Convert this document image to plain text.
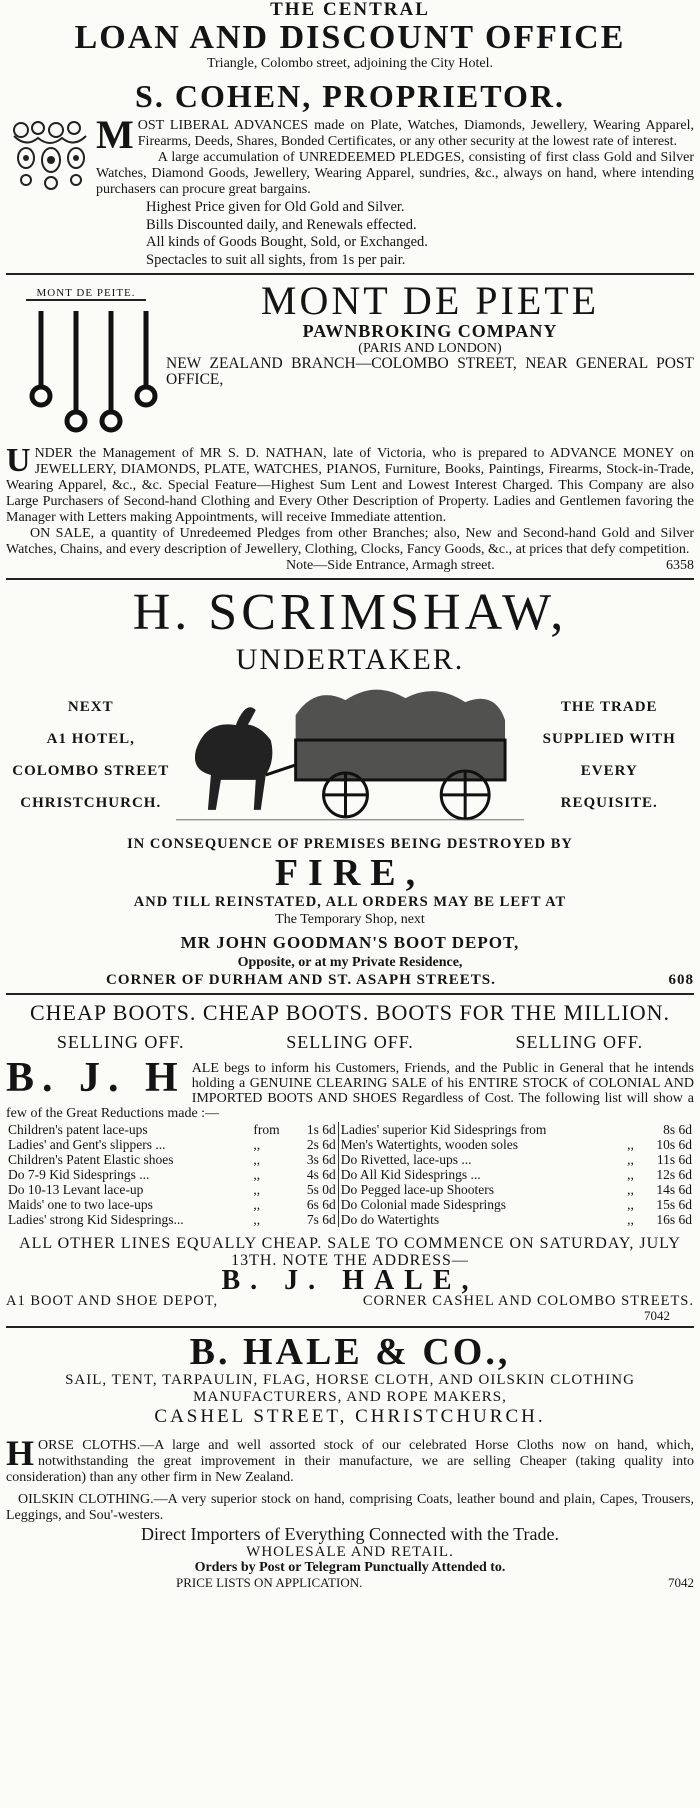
THE CENTRAL

LOAN AND DISCOUNT OFFICE

Triangle, Colombo street, adjoining the City Hotel.

S. COHEN, PROPRIETOR.

MOST LIBERAL ADVANCES made on Plate, Watches, Diamonds, Jewellery, Wearing Apparel, Firearms, Deeds, Shares, Bonded Certificates, or any other security at the lowest rate of interest.

A large accumulation of UNREDEEMED PLEDGES, consisting of first class Gold and Silver Watches, Diamond Goods, Jewellery, Wearing Apparel, sundries, &c., always on hand, where intending purchasers can procure great bargains.

Highest Price given for Old Gold and Silver.

Bills Discounted daily, and Renewals effected.

All kinds of Goods Bought, Sold, or Exchanged.

Spectacles to suit all sights, from 1s per pair.

MONT DE PEITE.	MONT DE PIETE

PAWNBROKING COMPANY

(PARIS AND LONDON)

NEW ZEALAND BRANCH—COLOMBO STREET, NEAR GENERAL POST OFFICE,

UNDER the Management of MR S. D. NATHAN, late of Victoria, who is prepared to ADVANCE MONEY on JEWELLERY, DIAMONDS, PLATE, WATCHES, PIANOS, Furniture, Books, Paintings, Firearms, Stock-in-Trade, Wearing Apparel, &c., &c. Special Feature—Highest Sum Lent and Lowest Interest Charged. This Company are also Large Purchasers of Second-hand Clothing and Every Other Description of Property. Ladies and Gentlemen favoring the Manager with Letters making Appointments, will receive Immediate attention.

ON SALE, a quantity of Unredeemed Pledges from other Branches; also, New and Second-hand Gold and Silver Watches, Chains, and every description of Jewellery, Clothing, Clocks, Fancy Goods, &c., at prices that defy competition.

Note—Side Entrance, Armagh street.	6358

H. SCRIMSHAW,

UNDERTAKER.

NEXT

A1 HOTEL,

COLOMBO STREET

CHRISTCHURCH.

THE TRADE

SUPPLIED WITH

EVERY

REQUISITE.

IN CONSEQUENCE OF PREMISES BEING DESTROYED BY

FIRE,

AND TILL REINSTATED, ALL ORDERS MAY BE LEFT AT

The Temporary Shop, next

MR JOHN GOODMAN'S BOOT DEPOT,

Opposite, or at my Private Residence,

CORNER OF DURHAM AND ST. ASAPH STREETS.	608

CHEAP BOOTS. CHEAP BOOTS. BOOTS FOR THE MILLION.

SELLING OFF.	SELLING OFF.	SELLING OFF.

B. J. H ALE begs to inform his Customers, Friends, and the Public in General that he intends holding a GENUINE CLEARING SALE of his ENTIRE STOCK of COLONIAL AND IMPORTED BOOTS AND SHOES Regardless of Cost. The following list will show a few of the Great Reductions made :—

Children's patent lace-ups	from	1s 6d	Ladies' superior Kid Sidesprings from		8s 6d
Ladies' and Gent's slippers ...	,,	2s 6d	Men's Watertights, wooden soles	,,	10s 6d
Children's Patent Elastic shoes	,,	3s 6d	Do Rivetted, lace-ups ...	,,	11s 6d
Do 7-9 Kid Sidesprings ...	,,	4s 6d	Do All Kid Sidesprings ...	,,	12s 6d
Do 10-13 Levant lace-up	,,	5s 0d	Do Pegged lace-up Shooters	,,	14s 6d
Maids' one to two lace-ups	,,	6s 6d	Do Colonial made Sidesprings	,,	15s 6d
Ladies' strong Kid Sidesprings...	,,	7s 6d	Do do Watertights	,,	16s 6d

ALL OTHER LINES EQUALLY CHEAP. SALE TO COMMENCE ON SATURDAY, JULY 13TH. NOTE THE ADDRESS—

B. J. HALE,

A1 BOOT AND SHOE DEPOT,	CORNER CASHEL AND COLOMBO STREETS.

7042

B. HALE & CO.,

SAIL, TENT, TARPAULIN, FLAG, HORSE CLOTH, AND OILSKIN CLOTHING

MANUFACTURERS, AND ROPE MAKERS,

CASHEL STREET, CHRISTCHURCH.

HORSE CLOTHS.—A large and well assorted stock of our celebrated Horse Cloths now on hand, which, notwithstanding the great improvement in their manufacture, we are selling Cheaper (taking quality into consideration) than any other firm in New Zealand.

OILSKIN CLOTHING.—A very superior stock on hand, comprising Coats, leather bound and plain, Capes, Trousers, Leggings, and Sou'-westers.

Direct Importers of Everything Connected with the Trade.

WHOLESALE AND RETAIL.

Orders by Post or Telegram Punctually Attended to.

PRICE LISTS ON APPLICATION.	7042
